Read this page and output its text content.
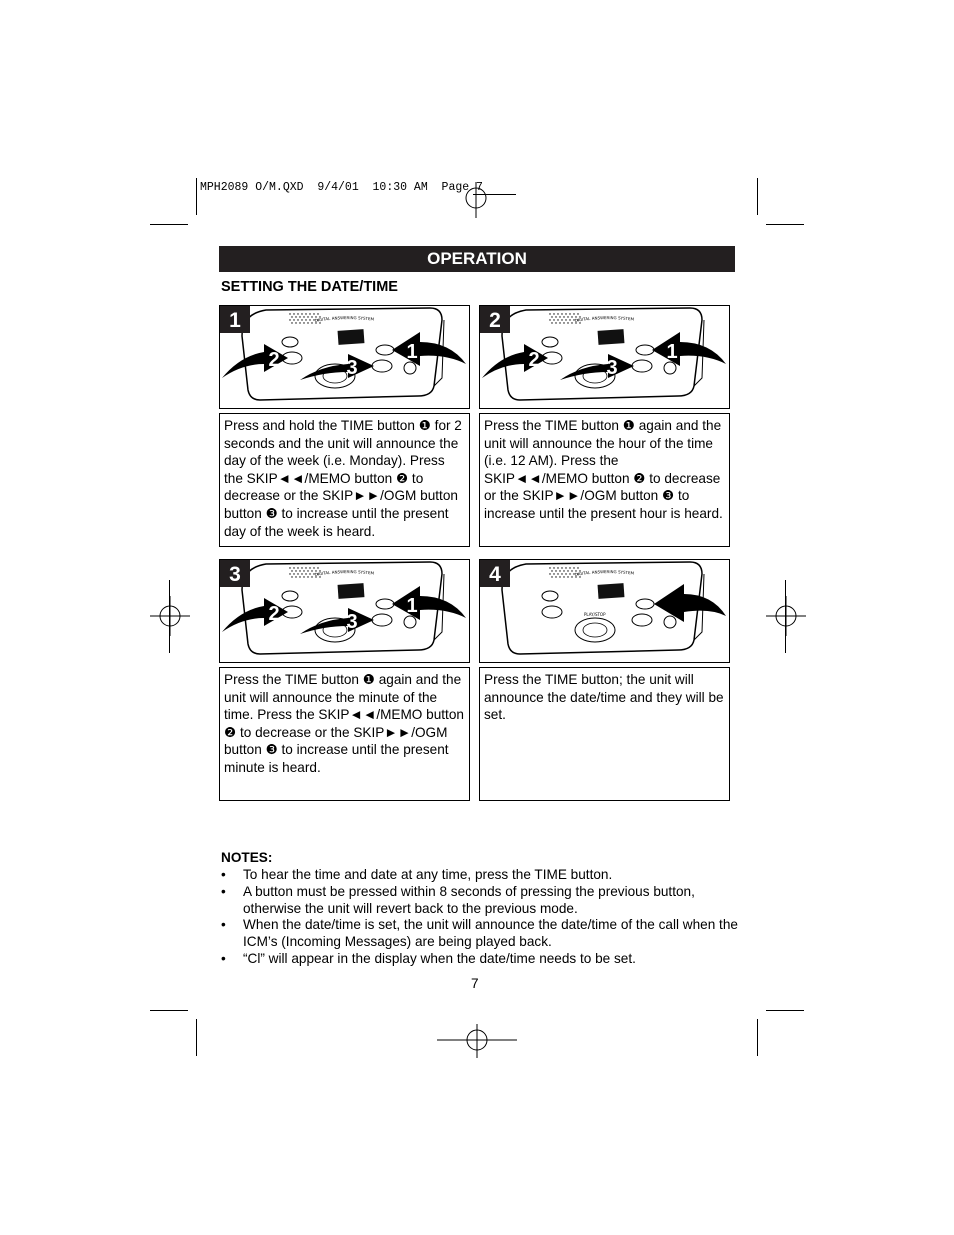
MPH2089 O/M.QXD  9/4/01  10:30 AM  Page 7
OPERATION
SETTING THE DATE/TIME
DIGITAL ANSWERING SYSTEM
1
2	3
1
DIGITAL ANSWERING SYSTEM
2
2	3
1
DIGITAL ANSWERING SYSTEM
3
2	3
1
DIGITAL ANSWERING SYSTEM
PLAY/STOP
4
Press and hold the TIME button ❶ for 2 seconds and the unit will announce the day of the week (i.e. Monday). Press the SKIP◄◄/MEMO button ❷ to decrease or the SKIP►►/OGM button button ❸ to increase until the present day of the week is heard.
Press the TIME button ❶ again and the unit will announce the hour of the time (i.e. 12 AM). Press the SKIP◄◄/MEMO button ❷ to decrease or the SKIP►►/OGM button ❸ to increase until the present hour is heard.
Press the TIME button ❶ again and the unit will announce the minute of the time. Press the SKIP◄◄/MEMO button ❷ to decrease or the SKIP►►/OGM button ❸ to increase until the present minute is heard.
Press the TIME button; the unit will announce the date/time and they will be set.
NOTES:
• To hear the time and date at any time, press the TIME button.
• A button must be pressed within 8 seconds of pressing the previous button, otherwise the unit will revert back to the previous mode.
• When the date/time is set, the unit will announce the date/time of the call when the ICM’s (Incoming Messages) are being played back.
• “Cl” will appear in the display when the date/time needs to be set.
7
